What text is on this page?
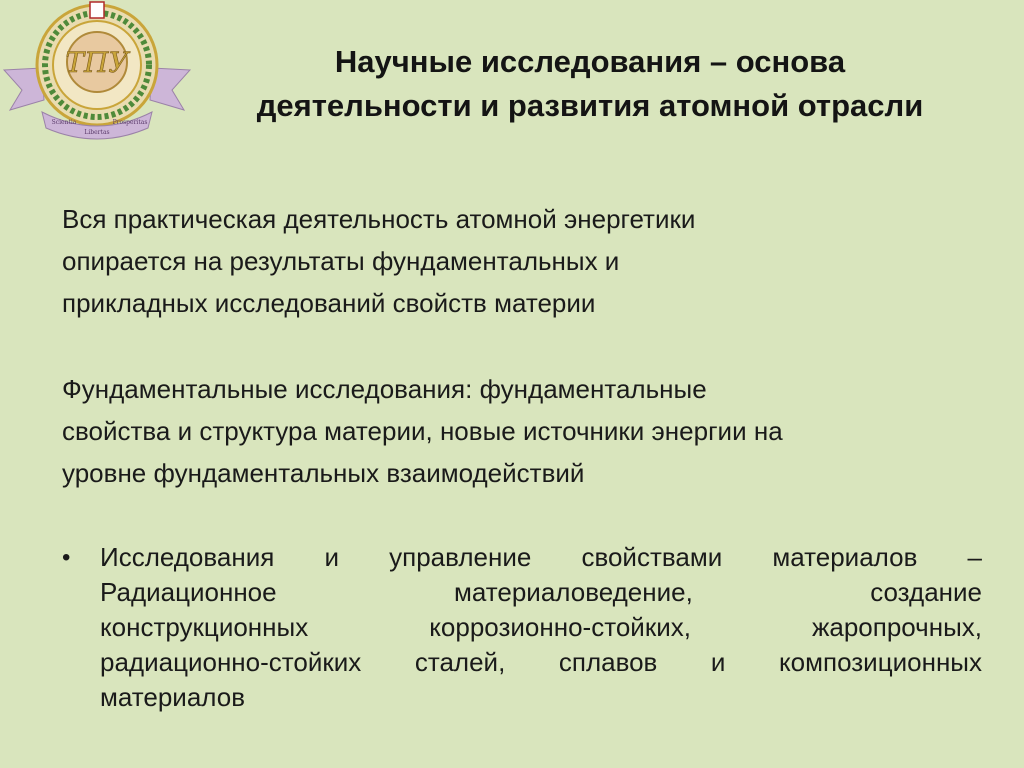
ТПУ
Scientia
Libertas
Prosperitas
Научные исследования – основа
деятельности и развития атомной отрасли
Вся практическая деятельность атомной энергетики
опирается на результаты фундаментальных и
прикладных исследований свойств материи
Фундаментальные исследования: фундаментальные
свойства и структура материи, новые источники энергии на
уровне фундаментальных взаимодействий
• Исследования и управление свойствами материалов –
Радиационное материаловедение, создание
конструкционных коррозионно-стойких, жаропрочных,
радиационно-стойких сталей, сплавов и композиционных
материалов
